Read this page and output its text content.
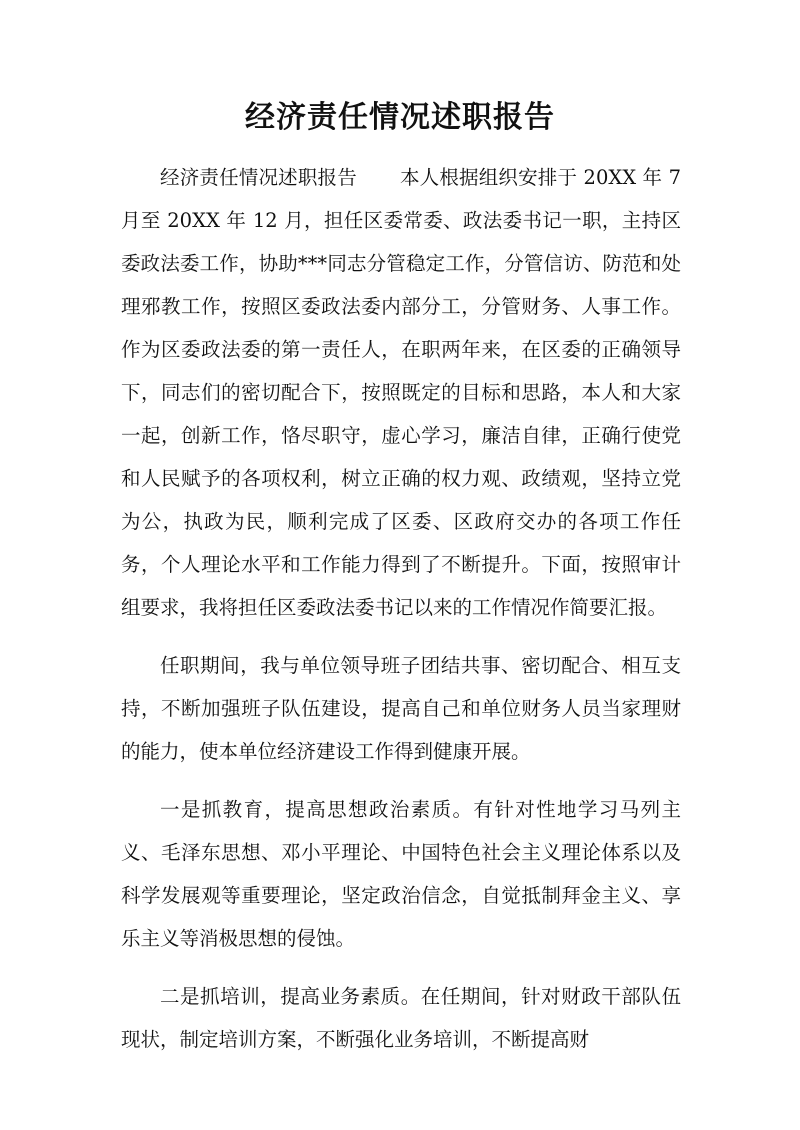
经济责任情况述职报告

经济责任情况述职报告 本人根据组织安排于 20XX 年 7 月至 20XX 年 12 月，担任区委常委、政法委书记一职，主持区委政法委工作，协助***同志分管稳定工作，分管信访、防范和处理邪教工作，按照区委政法委内部分工，分管财务、人事工作。作为区委政法委的第一责任人，在职两年来，在区委的正确领导下，同志们的密切配合下，按照既定的目标和思路，本人和大家一起，创新工作，恪尽职守，虚心学习，廉洁自律，正确行使党和人民赋予的各项权利，树立正确的权力观、政绩观，坚持立党为公，执政为民，顺利完成了区委、区政府交办的各项工作任务，个人理论水平和工作能力得到了不断提升。下面，按照审计组要求，我将担任区委政法委书记以来的工作情况作简要汇报。

任职期间，我与单位领导班子团结共事、密切配合、相互支持，不断加强班子队伍建设，提高自己和单位财务人员当家理财的能力，使本单位经济建设工作得到健康开展。

一是抓教育，提高思想政治素质。有针对性地学习马列主义、毛泽东思想、邓小平理论、中国特色社会主义理论体系以及科学发展观等重要理论，坚定政治信念，自觉抵制拜金主义、享乐主义等消极思想的侵蚀。

二是抓培训，提高业务素质。在任期间，针对财政干部队伍现状，制定培训方案，不断强化业务培训，不断提高财
